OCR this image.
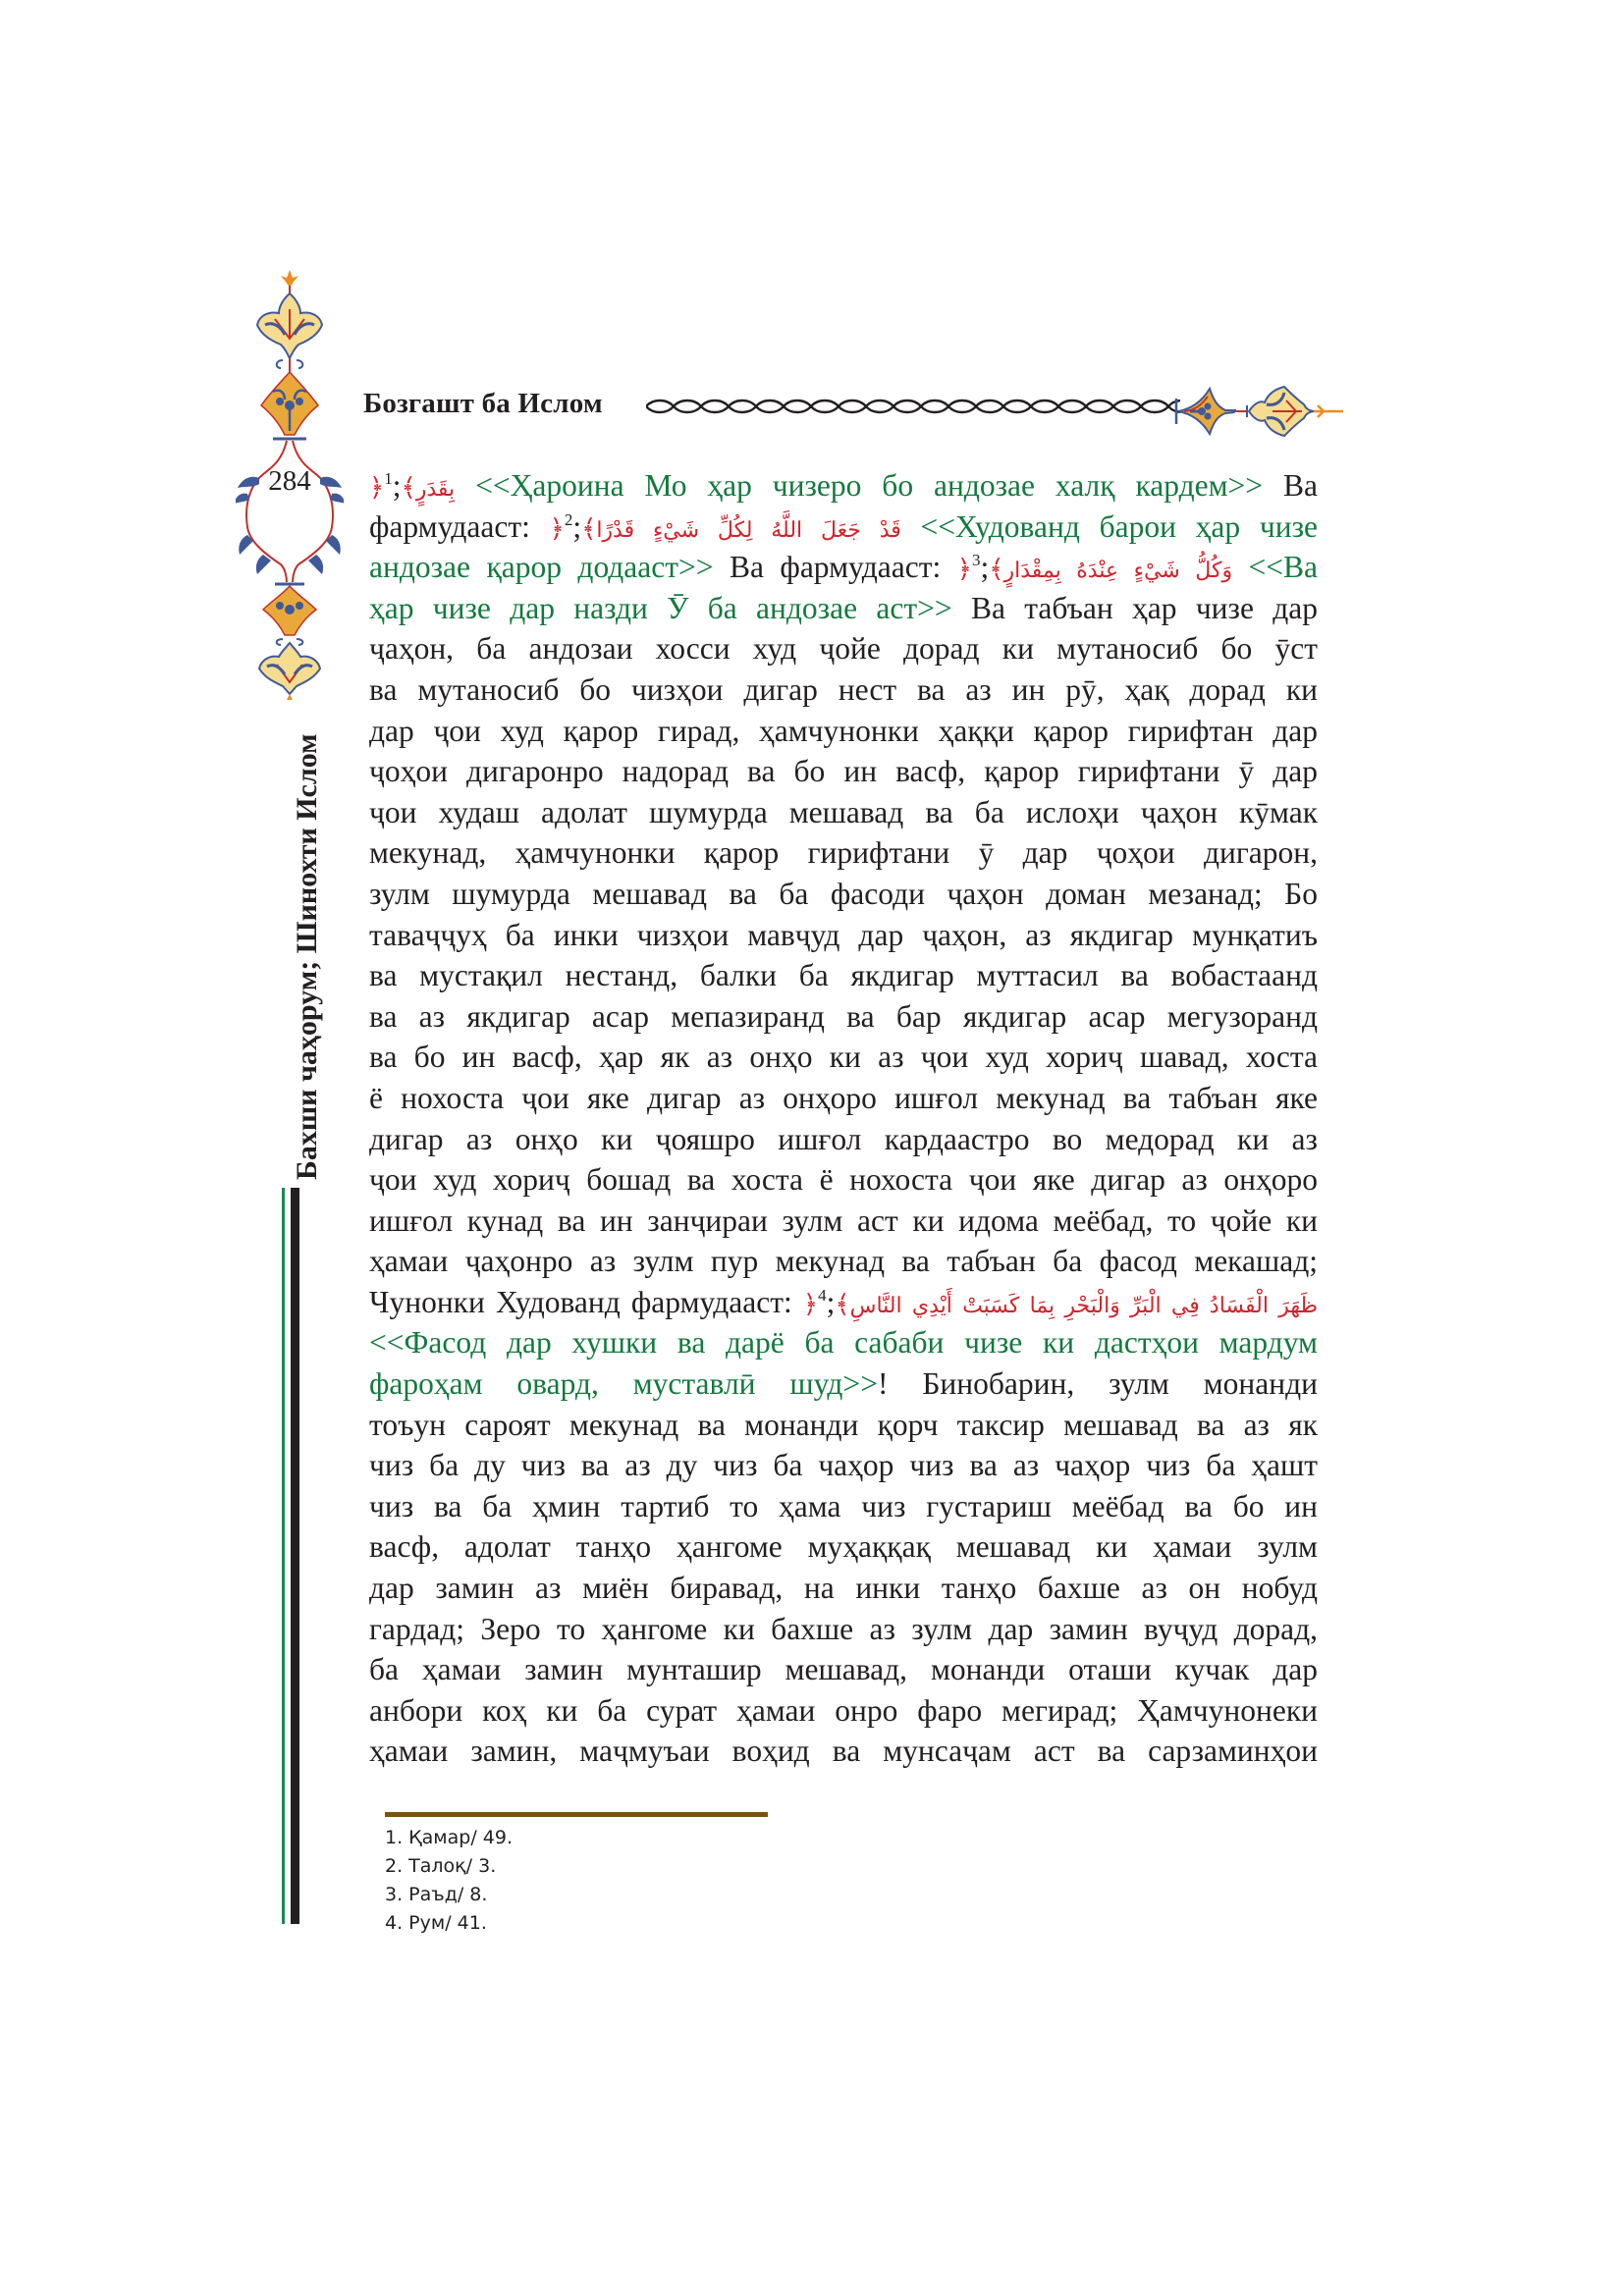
Бозгашт ба Ислом
284
Бахши чаҳорум; Шинохти Ислом
﴿ بِقَدَرٍ﴾;$^1$	<<Ҳароина Мо ҳар чизеро бо андозае халқ кардем>> Ва
фармудааст: ﴿ قَدْ جَعَلَ اللَّهُ لِكُلِّ شَيْءٍ قَدْرًا﴾;$^2$	<<Худованд барои ҳар чизе
андозае қарор додааст>> Ва фармудааст: ﴿ وَكُلُّ شَيْءٍ عِنْدَهُ بِمِقْدَارٍ﴾;$^3$	<<Ва
ҳар чизе дар назди Ӯ ба андозае аст>> Ва табъан ҳар чизе дар
ҷаҳон, ба андозаи хосси худ ҷойе дорад ки мутаносиб бо ӯст
ва мутаносиб бо чизҳои дигар нест ва аз ин рӯ, ҳақ дорад ки
дар ҷои худ қарор гирад, ҳамчунонки ҳаққи қарор гирифтан дар
ҷоҳои дигаронро надорад ва бо ин васф, қарор гирифтани ӯ дар
ҷои худаш адолат шумурда мешавад ва ба ислоҳи ҷаҳон кӯмак
мекунад, ҳамчунонки қарор гирифтани ӯ дар ҷоҳои дигарон,
зулм шумурда мешавад ва ба фасоди ҷаҳон доман мезанад; Бо
таваҷҷуҳ ба инки чизҳои мавҷуд дар ҷаҳон, аз якдигар мунқатиъ
ва мустақил нестанд, балки ба якдигар муттасил ва вобастаанд
ва аз якдигар асар мепазиранд ва бар якдигар асар мегузоранд
ва бо ин васф, ҳар як аз онҳо ки аз ҷои худ хориҷ шавад, хоста
ё нохоста ҷои яке дигар аз онҳоро ишғол мекунад ва табъан яке
дигар аз онҳо ки ҷояшро ишғол кардаастро во медорад ки аз
ҷои худ хориҷ бошад ва хоста ё нохоста ҷои яке дигар аз онҳоро
ишғол кунад ва ин занҷираи зулм аст ки идома меёбад, то ҷойе ки
ҳамаи ҷаҳонро аз зулм пур мекунад ва табъан ба фасод мекашад;
Чунонки Худованд фармудааст: ﴿ ظَهَرَ الْفَسَادُ فِي الْبَرِّ وَالْبَحْرِ بِمَا كَسَبَتْ أَيْدِي النَّاسِ﴾;$^4$
<<Фасод дар хушки ва дарё ба сабаби чизе ки дастҳои мардум
фароҳам овард, муставлӣ шуд>>! Бинобарин, зулм монанди
тоъун сароят мекунад ва монанди қорч таксир мешавад ва аз як
чиз ба ду чиз ва аз ду чиз ба чаҳор чиз ва аз чаҳор чиз ба ҳашт
чиз ва ба ҳмин тартиб то ҳама чиз густариш меёбад ва бо ин
васф, адолат танҳо ҳангоме муҳаққақ мешавад ки ҳамаи зулм
дар замин аз миён биравад, на инки танҳо бахше аз он нобуд
гардад; Зеро то ҳангоме ки бахше аз зулм дар замин вуҷуд дорад,
ба ҳамаи замин мунташир мешавад, монанди оташи кучак дар
анбори коҳ ки ба сурат ҳамаи онро фаро мегирад; Ҳамчунонеки
ҳамаи замин, маҷмуъаи воҳид ва мунсаҷам аст ва сарзаминҳои
1. Қамар/ 49.
2. Талоқ/ 3.
3. Раъд/ 8.
4. Рум/ 41.
